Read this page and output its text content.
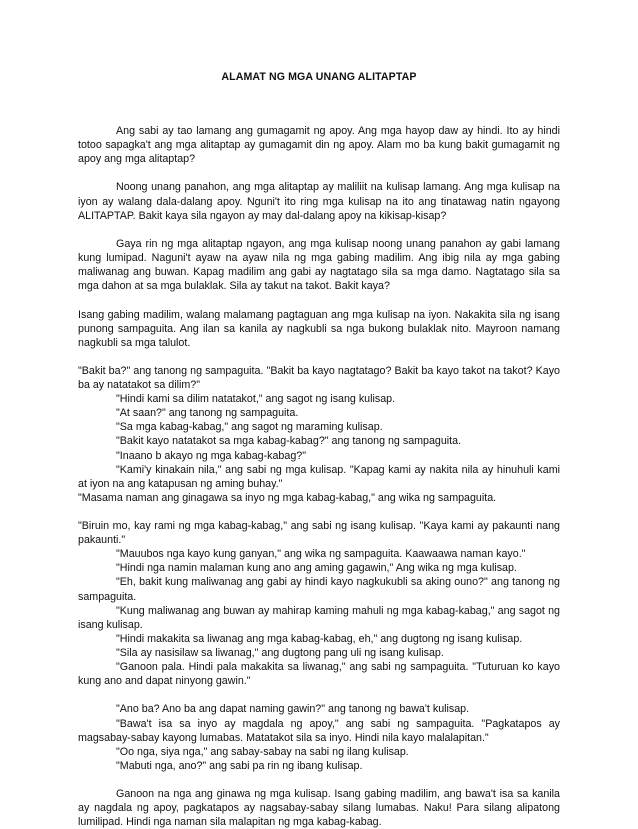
ALAMAT NG MGA UNANG ALITAPTAP

Ang sabi ay tao lamang ang gumagamit ng apoy. Ang mga hayop daw ay hindi. Ito ay hindi totoo sapagka't ang mga alitaptap ay gumagamit din ng apoy. Alam mo ba kung bakit gumagamit ng apoy ang mga alitaptap?

Noong unang panahon, ang mga alitaptap ay maliliit na kulisap lamang. Ang mga kulisap na iyon ay walang dala-dalang apoy. Nguni't ito ring mga kulisap na ito ang tinatawag natin ngayong ALITAPTAP. Bakit kaya sila ngayon ay may dal-dalang apoy na kikisap-kisap?

Gaya rin ng mga alitaptap ngayon, ang mga kulisap noong unang panahon ay gabi lamang kung lumipad. Naguni't ayaw na ayaw nila ng mga gabing madilim. Ang ibig nila ay mga gabing maliwanag ang buwan. Kapag madilim ang gabi ay nagtatago sila sa mga damo. Nagtatago sila sa mga dahon at sa mga bulaklak. Sila ay takut na takot. Bakit kaya?

Isang gabing madilim, walang malamang pagtaguan ang mga kulisap na iyon. Nakakita sila ng isang punong sampaguita. Ang ilan sa kanila ay nagkubli sa nga bukong bulaklak nito. Mayroon namang nagkubli sa mga talulot.

"Bakit ba?" ang tanong ng sampaguita. "Bakit ba kayo nagtatago? Bakit ba kayo takot na takot? Kayo ba ay natatakot sa dilim?"

"Hindi kami sa dilim natatakot," ang sagot ng isang kulisap.

"At saan?" ang tanong ng sampaguita.

"Sa mga kabag-kabag," ang sagot ng maraming kulisap.

"Bakit kayo natatakot sa mga kabag-kabag?" ang tanong ng sampaguita.

"Inaano b akayo ng mga kabag-kabag?"

"Kami'y kinakain nila," ang sabi ng mga kulisap. "Kapag kami ay nakita nila ay hinuhuli kami at iyon na ang katapusan ng aming buhay."

"Masama naman ang ginagawa sa inyo ng mga kabag-kabag," ang wika ng sampaguita.

"Biruin mo, kay rami ng mga kabag-kabag," ang sabi ng isang kulisap. "Kaya kami ay pakaunti nang pakaunti."

"Mauubos nga kayo kung ganyan," ang wika ng sampaguita. Kaawaawa naman kayo."

"Hindi nga namin malaman kung ano ang aming gagawin," Ang wika ng mga kulisap.

"Eh, bakit kung maliwanag ang gabi ay hindi kayo nagkukubli sa aking ouno?" ang tanong ng sampaguita.

"Kung maliwanag ang buwan ay mahirap kaming mahuli ng mga kabag-kabag," ang sagot ng isang kulisap.

"Hindi makakita sa liwanag ang mga kabag-kabag, eh," ang dugtong ng isang kulisap.

"Sila ay nasisilaw sa liwanag," ang dugtong pang uli ng isang kulisap.

"Ganoon pala. Hindi pala makakita sa liwanag," ang sabi ng sampaguita. "Tuturuan ko kayo kung ano and dapat ninyong gawin."

"Ano ba? Ano ba ang dapat naming gawin?" ang tanong ng bawa't kulisap.

"Bawa't isa sa inyo ay magdala ng apoy," ang sabi ng sampaguita. "Pagkatapos ay magsabay-sabay kayong lumabas. Matatakot sila sa inyo. Hindi nila kayo malalapitan."

"Oo nga, siya nga," ang sabay-sabay na sabi ng ilang kulisap.

"Mabuti nga, ano?" ang sabi pa rin ng ibang kulisap.

Ganoon na nga ang ginawa ng mga kulisap. Isang gabing madilim, ang bawa't isa sa kanila ay nagdala ng apoy, pagkatapos ay nagsabay-sabay silang lumabas. Naku! Para silang alipatong lumilipad. Hindi nga naman sila malapitan ng mga kabag-kabag.
